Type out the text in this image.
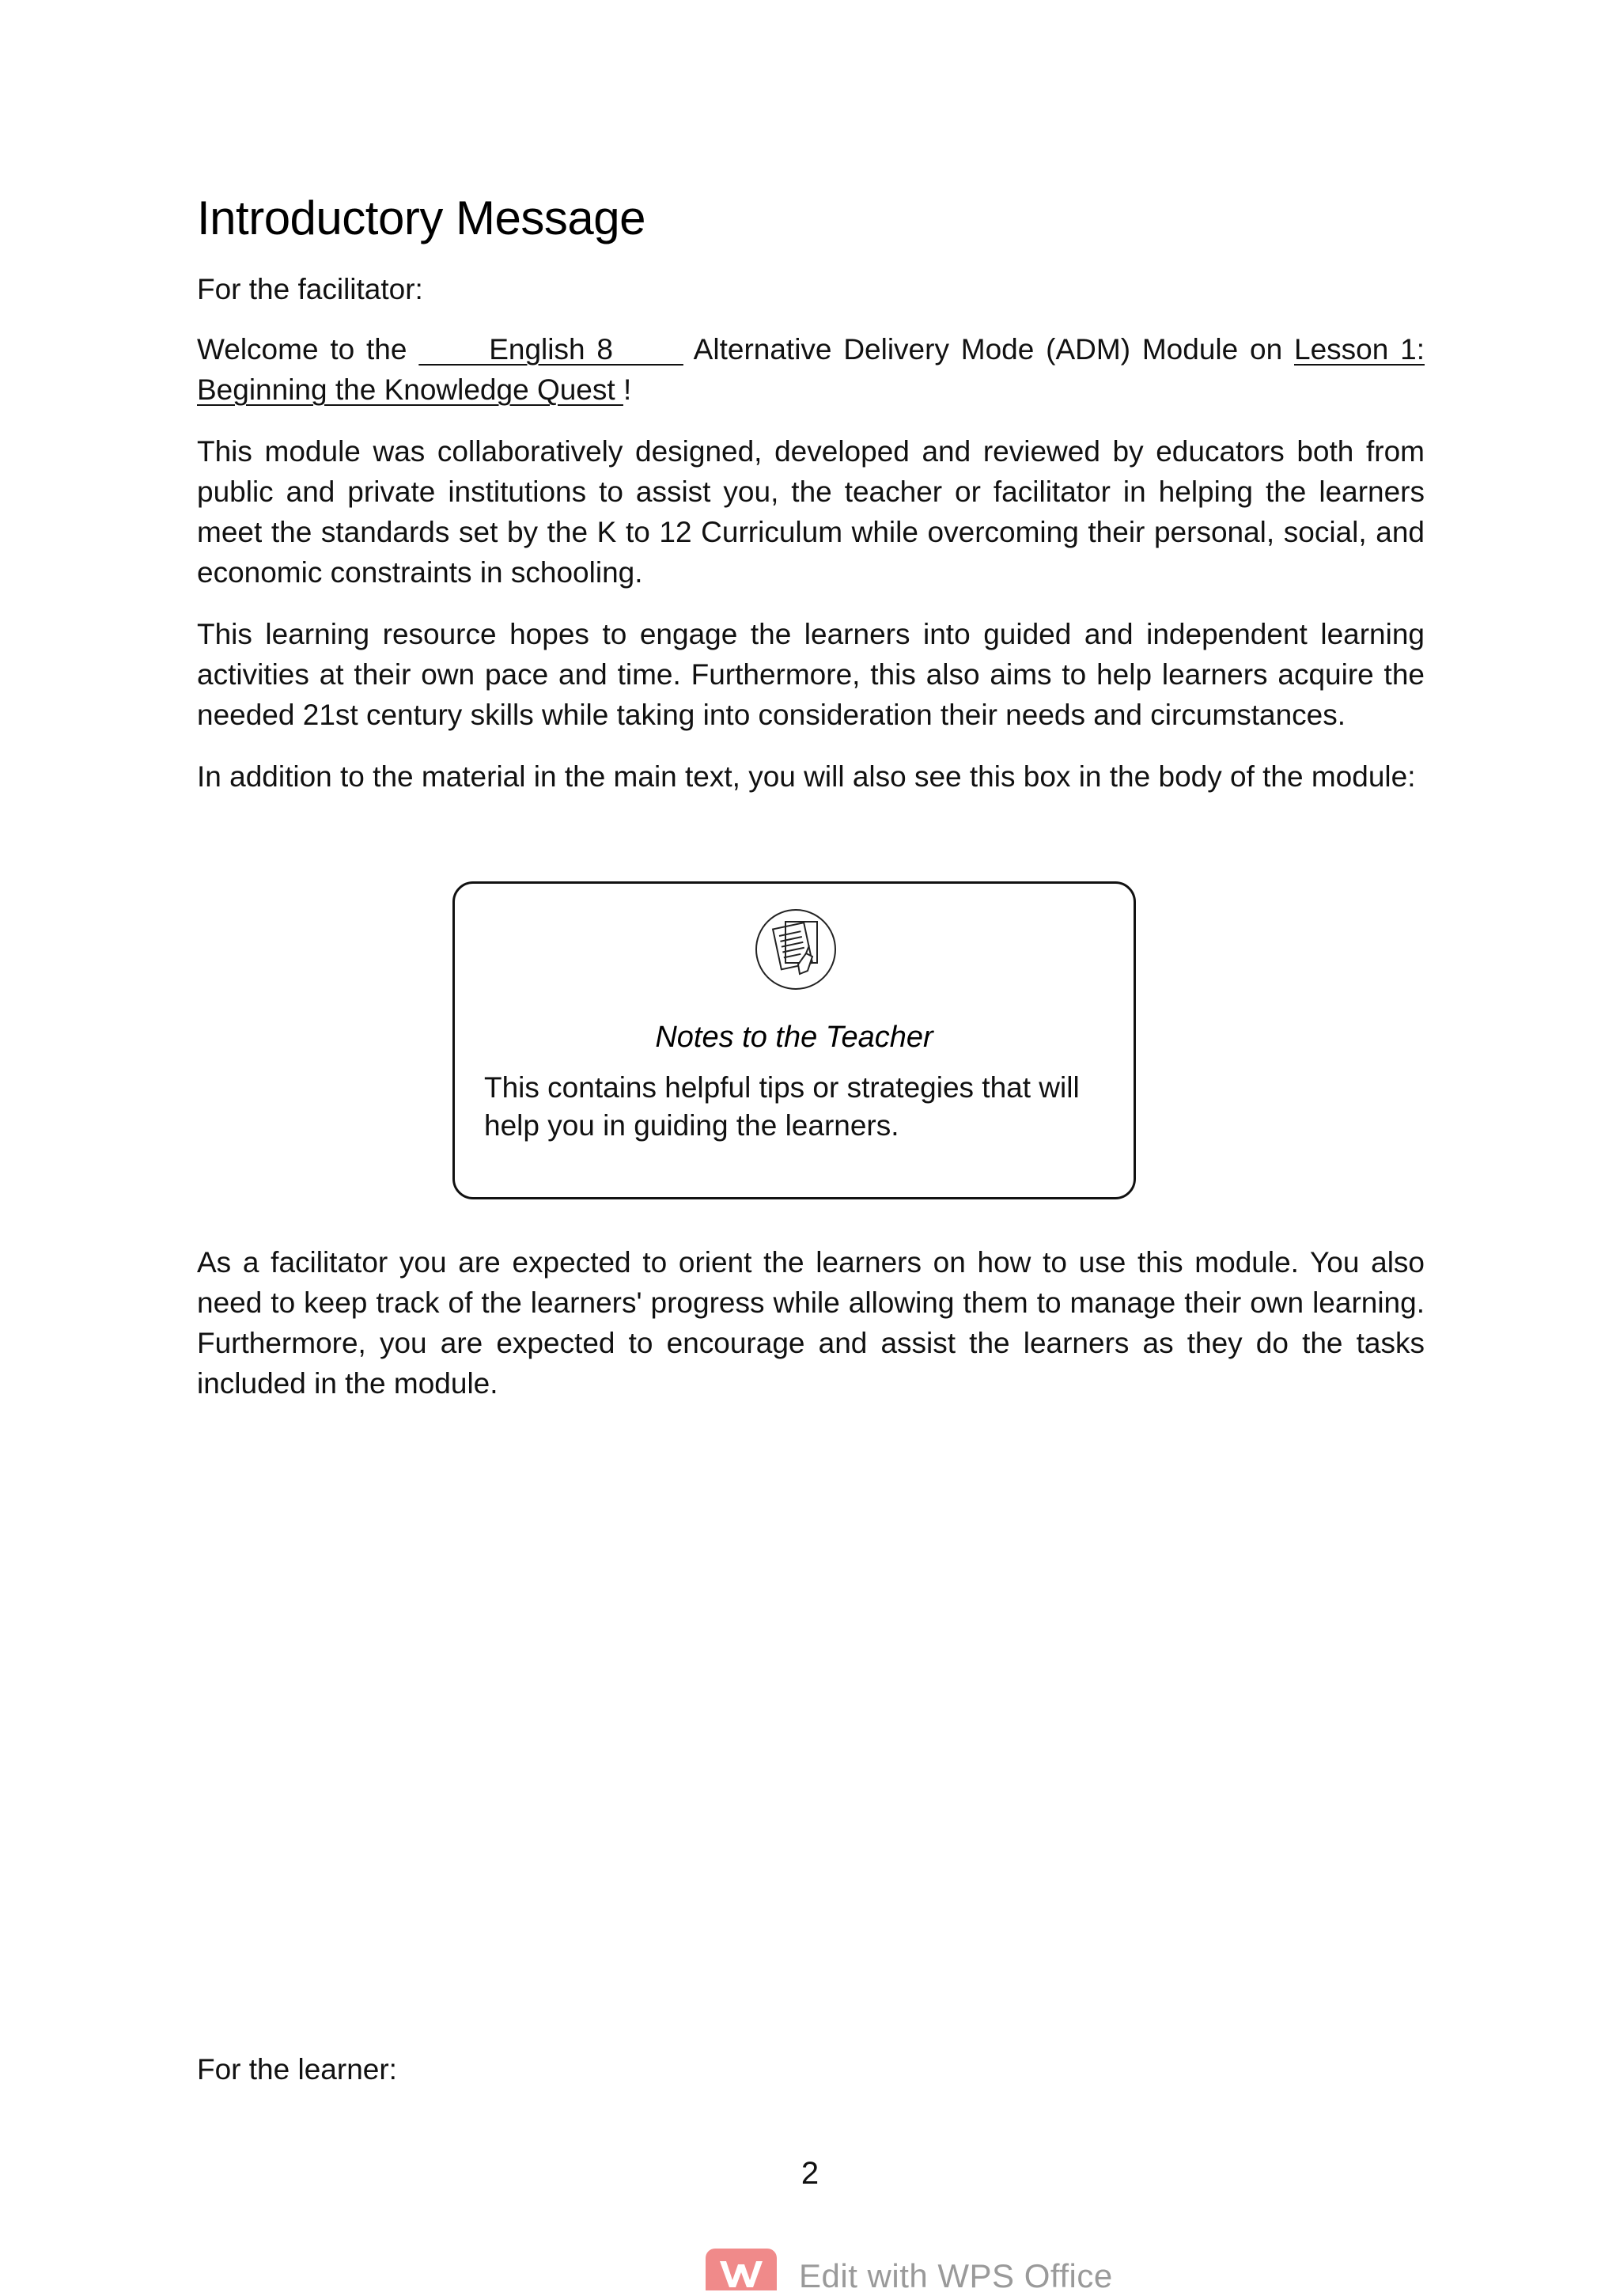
Introductory Message

For the facilitator:

Welcome to the       English 8       Alternative Delivery Mode (ADM) Module on Lesson 1: Beginning the Knowledge Quest !

This module was collaboratively designed, developed and reviewed by educators both from public and private institutions to assist you, the teacher or facilitator in helping the learners meet the standards set by the K to 12 Curriculum while overcoming their personal, social, and economic constraints in schooling.

This learning resource hopes to engage the learners into guided and independent learning activities at their own pace and time. Furthermore, this also aims to help learners acquire the needed 21st century skills while taking into consideration their needs and circumstances.

In addition to the material in the main text, you will also see this box in the body of the module:

Notes to the Teacher
This contains helpful tips or strategies that will help you in guiding the learners.

As a facilitator you are expected to orient the learners on how to use this module. You also need to keep track of the learners' progress while allowing them to manage their own learning. Furthermore, you are expected to encourage and assist the learners as they do the tasks included in the module.

For the learner:

2
Edit with WPS Office
